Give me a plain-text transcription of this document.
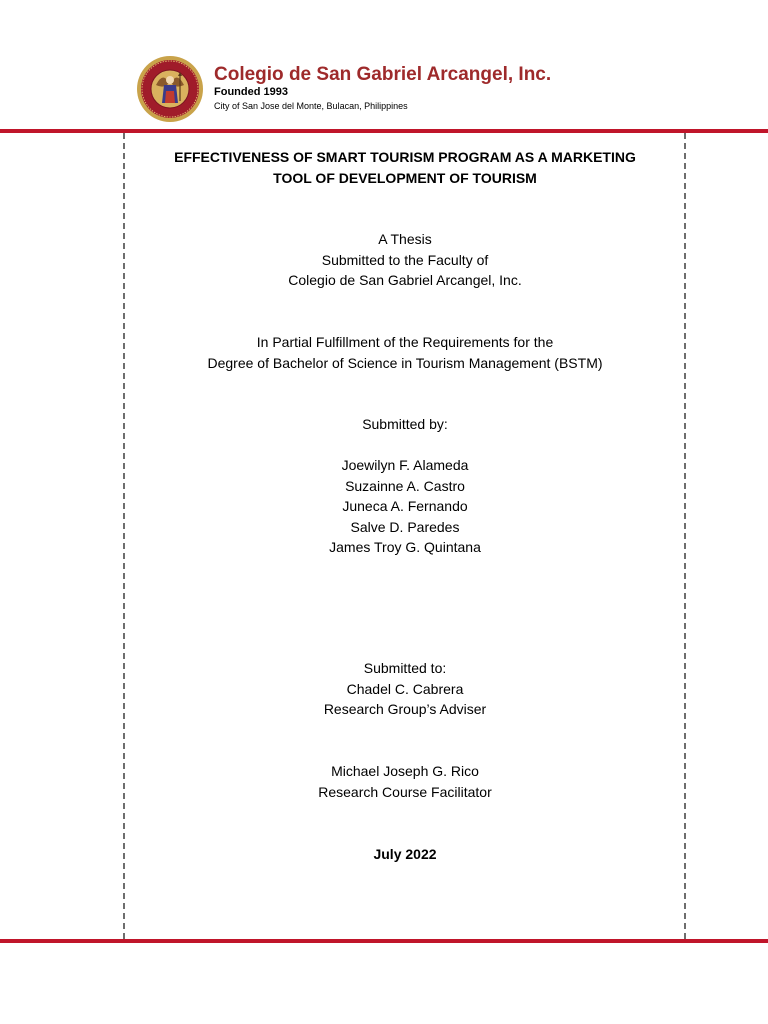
Colegio de San Gabriel Arcangel, Inc.
Founded 1993
City of San Jose del Monte, Bulacan, Philippines
EFFECTIVENESS OF SMART TOURISM PROGRAM AS A MARKETING
TOOL OF DEVELOPMENT OF TOURISM
A Thesis
Submitted to the Faculty of
Colegio de San Gabriel Arcangel, Inc.
In Partial Fulfillment of the Requirements for the
Degree of Bachelor of Science in Tourism Management (BSTM)
Submitted by:
Joewilyn F. Alameda
Suzainne A. Castro
Juneca A. Fernando
Salve D. Paredes
James Troy G. Quintana
Submitted to:
Chadel C. Cabrera
Research Group’s Adviser
Michael Joseph G. Rico
Research Course Facilitator
July 2022
